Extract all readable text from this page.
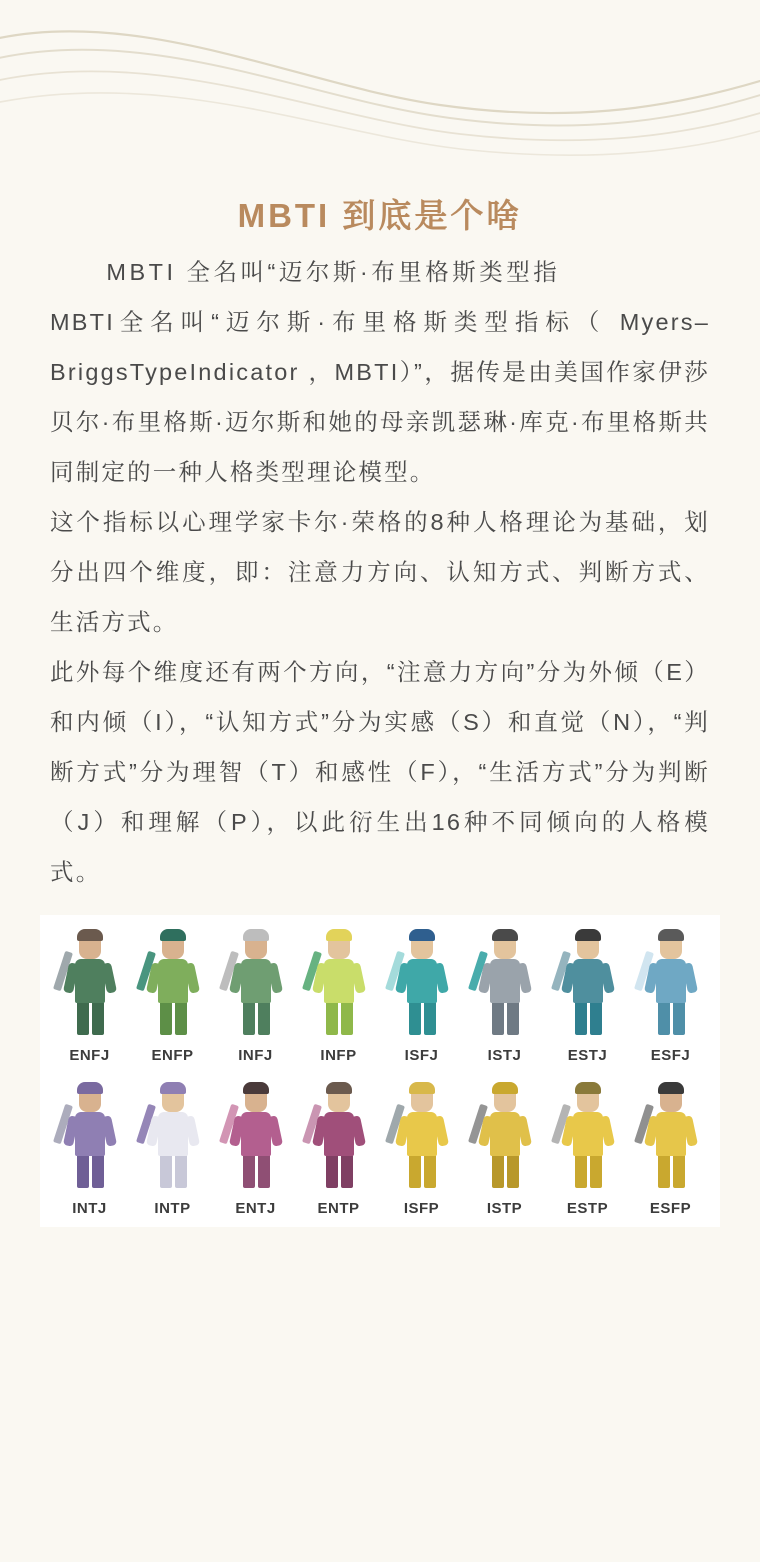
MBTI 到底是个啥

MBTI 全名叫“迈尔斯·布里格斯类型指

MBTI全名叫“迈尔斯·布里格斯类型指标（ Myers–BriggsTypeIndicator ，MBTI）”，据传是由美国作家伊莎贝尔·布里格斯·迈尔斯和她的母亲凯瑟琳·库克·布里格斯共同制定的一种人格类型理论模型。

这个指标以心理学家卡尔·荣格的8种人格理论为基础，划分出四个维度，即：注意力方向、认知方式、判断方式、生活方式。

此外每个维度还有两个方向，“注意力方向”分为外倾（E）和内倾（I），“认知方式”分为实感（S）和直觉（N），“判断方式”分为理智（T）和感性（F），“生活方式”分为判断（J）和理解（P），以此衍生出16种不同倾向的人格模式。

ENFJ	ENFP	INFJ	INFP	ISFJ	ISTJ	ESTJ	ESFJ
INTJ	INTP	ENTJ	ENTP	ISFP	ISTP	ESTP	ESFP
